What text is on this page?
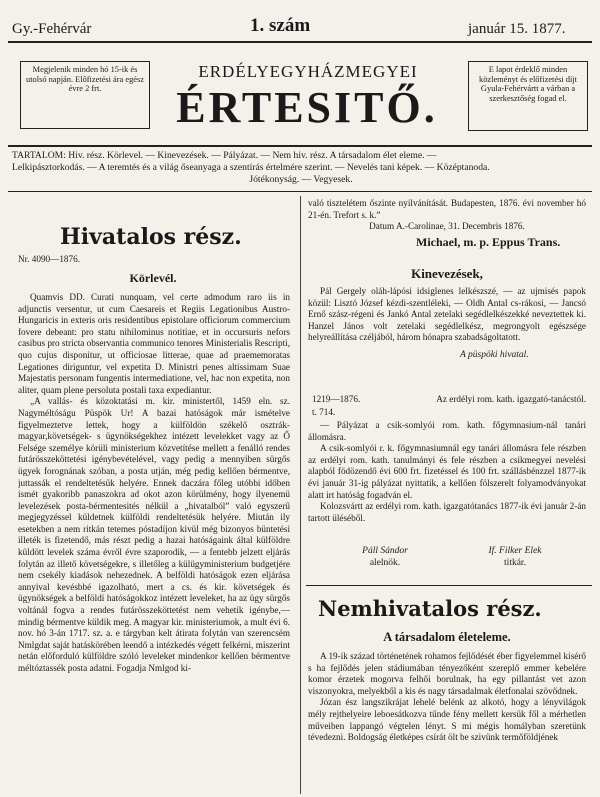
Gy.-Fehérvár	1. szám	január 15. 1877.
Megjelenik minden hó 15-ik és utolsó napján. Előfizetési ára egész évre 2 frt.
E lapot érdeklő minden közleményt és előfizetési díjt Gyula-Fehérvártt a várban a szerkesztőség fogad el.
ERDÉLYEGYHÁZMEGYEI
ÉRTESITŐ.
TARTALOM: Hiv. rész. Körlevel. — Kinevezések. — Pályázat. — Nem hiv. rész. A társadalom élet eleme. —
Lelkipásztorkodás. — A teremtés és a világ őseanyaga a szentírás értelmére szerint. — Nevelés tani képek. — Középtanoda.
Jótékonyság. — Vegyesek.
Hivatalos rész.
Nr. 4090—1876.
Körlevél.

Quamvis DD. Curati nunquam, vel certe admodum raro iis in adjunctis versentur, ut cum Caesareis et Regiis Legationibus Austro-Hungaricis in exteris oris residentibus epistolare officiorum commercium fovere debeant: pro statu nihilominus notitiae, et in occursuris nefors casibus pro stricta observantia communico tenores Ministerialis Rescripti, quo cujus disponitur, ut officiosae litterae, quae ad praememoratas Legationes diriguntur, vel expetita D. Ministri penes altissimam Suae Majestatis personam fungentis intermediatione, vel, hac non expetita, non aliter, quam plene persoluta postali taxa expediantur.

„A vallás- és közoktatási m. kir. ministertől, 1459 eln. sz. Nagyméltóságu Püspök Ur! A bazai hatóságok már ismételve figyelmeztetve lettek, hogy a külföldön székelő osztrák-magyar,követségek- s ügynökségekhez intézett levelekket vagy az Ő Felsége személye körüli ministerium közvetítése mellett a fenálló rendes futárösszeköttetési igénybevételével, vagy pedig a mennyiben sürgős ügyek forognának szóban, a posta utján, még pedig kellően bérmentve, juttassák el rendeltetésük helyére. Ennek daczára főleg utóbbi időben ismét gyakoribb panaszokra ad okot azon körülmény, hogy ilyenemü levelezések posta-bérmentesités nélkül a „hivatalból” való egyszerű megjegyzéssel küldetnek külföldi rendeltetésük helyére. Miután ily esetekben a nem ritkán tetemes póstadíjon kivül még bizonyos büntetési illeték is fizetendő, más részt pedig a hazai hatóságaink által külföldre küldött levelek száma évről évre szaporodik, — a fentebb jelzett eljárás folytán az illető követségekre, s illetőleg a külügyministerium budgetjére nem csekély kiadások nehezednek. A belföldi hatóságok ezen eljárása annyival kevésbbé igazolható, mert a cs. és kir. követségek és ügynökségek a belföldi hatóságokkoz intézett leveleket, ha az ügy sürgős voltánál fogva a rendes futárösszeköttetést nem vehetik igénybe,— mindig bérmentve küldik meg. A magyar kir. ministeriumok, a mult évi 6. nov. hó 3-án 1717. sz. a. e tárgyban kelt átirata folytán van szerencsém Nmlgdat saját hatáskörében leendő a intézkedés végett felkérni, miszerint netán előforduló külföldre szóló leveleket mindenkor kellően bérmentve méltóztassék posta adatni. Fogadja Nmlgod ki-

való tisztelétem őszinte nyilvánítását. Budapesten, 1876. évi november hó 21-én. Trefort s. k.”

Datum A.-Carolinae, 31. Decembris 1876.

Michael, m. p. Eppus Trans.
Kinevezések,

Pál Gergely oláh-lápósi idsiglenes lelkészszé, — az ujmisés papok közül: Lisztó József kézdi-szentléleki, — Oldh Antal cs-rákosi, — Jancsó Ernő szász-régeni és Jankó Antal zetelaki segédlelkészekké neveztettek ki. Hanzel János volt zetelaki segédlelkész, megrongyolt egészsége helyreállítása czéljából, három hónapra szabadságoltatott.

A püspöki hivatal.
1219—1876.	Az erdélyi rom. kath. igazgató-tanácstól.
t. 714.

— Pályázat a csik-somlyói rom. kath. főgymnasium-nál tanári állomásra.

A csik-somlyói r. k. főgymnasiumnál egy tanári állomásra fele részben az erdélyi rom. kath. tanulmányi és fele részben a csikmegyei nevelési alapból födözendő évi 600 frt. fizetéssel és 100 frt. szállásbénzzel 1877-ik évi január 31-ig pályázat nyittatik, a kellően fölszerelt folyamodványokat alatt irt hatóság fogadván el.

Kolozsvártt az erdélyi rom. kath. igazgatótanács 1877-ik évi január 2-án tartott üléséből.

Páll Sándor
alelnök.
If. Filker Elek
titkár.
Nemhivatalos rész.
A társadalom életeleme.

A 19-ik század történetének rohamos fejlődését éber figyelemmel kisérő s ha fejlődés jelen stádiumában tényezőként szereplő emmer kebelére komor érzetek mogorva felhői borulnak, ha egy pillantást vet azon viszonyokra, melyekből a kis és nagy társadalmak életfonalai szövődnek.

Józan ész langszikrájat lehelé belénk az alkotó, hogy a lényvilágok mély rejthelyeire leboesátkozva tűnde fény mellett kersük fől a mérhetlen műveiben lappangó végtelen lényt. S mi mégis homályban szeretünk tévedezni. Boldogság életképes csírát ölt be szivünk termőföldjének
